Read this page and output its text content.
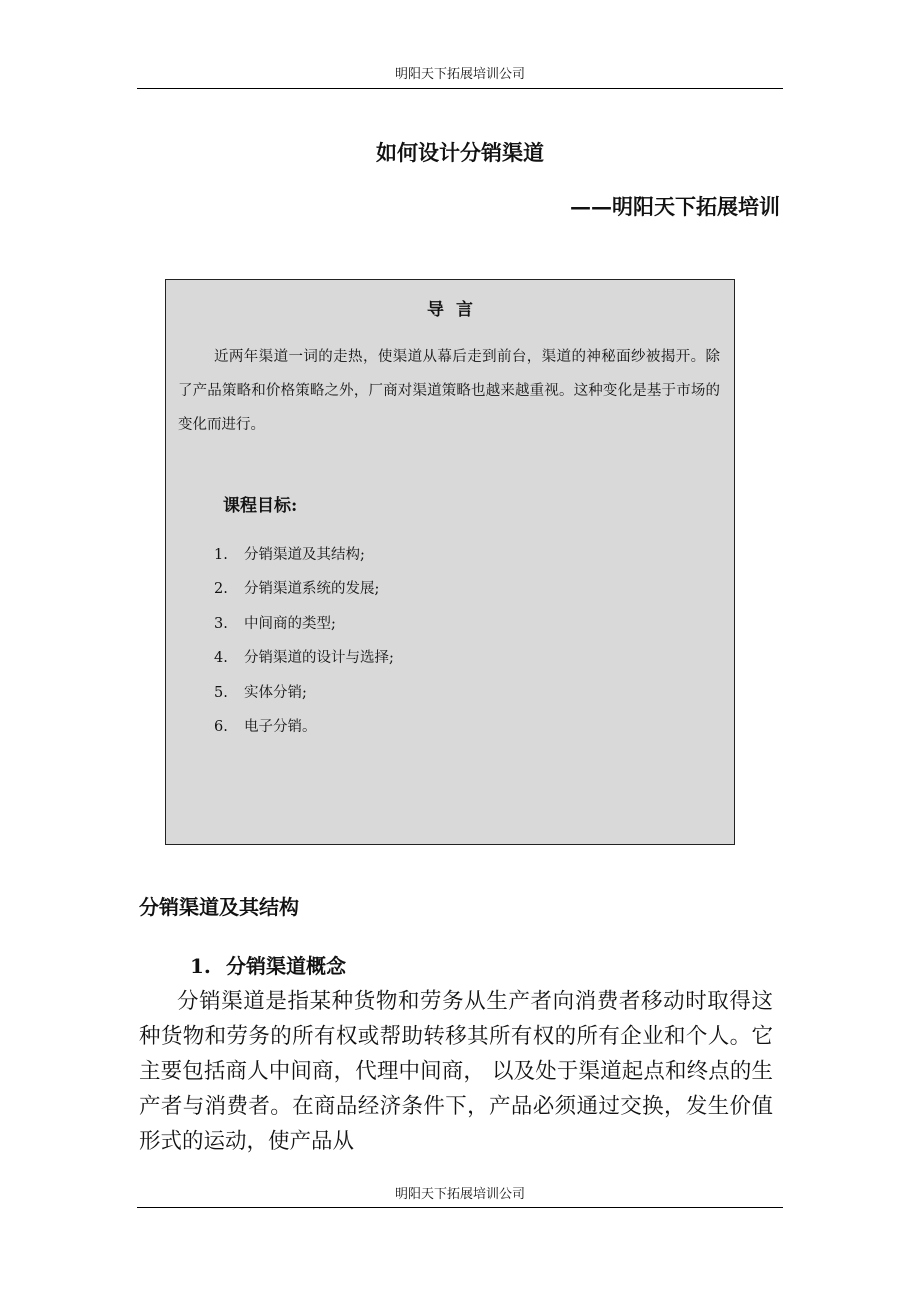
明阳天下拓展培训公司
如何设计分销渠道
——明阳天下拓展培训
导言

近两年渠道一词的走热，使渠道从幕后走到前台，渠道的神秘面纱被揭开。除了产品策略和价格策略之外，厂商对渠道策略也越来越重视。这种变化是基于市场的变化而进行。

课程目标:
1. 分销渠道及其结构;
2. 分销渠道系统的发展;
3. 中间商的类型;
4. 分销渠道的设计与选择;
5. 实体分销;
6. 电子分销。
分销渠道及其结构
1. 分销渠道概念

分销渠道是指某种货物和劳务从生产者向消费者移动时取得这种货物和劳务的所有权或帮助转移其所有权的所有企业和个人。它主要包括商人中间商，代理中间商， 以及处于渠道起点和终点的生产者与消费者。在商品经济条件下，产品必须通过交换，发生价值 形式的运动，使产品从

明阳天下拓展培训公司
